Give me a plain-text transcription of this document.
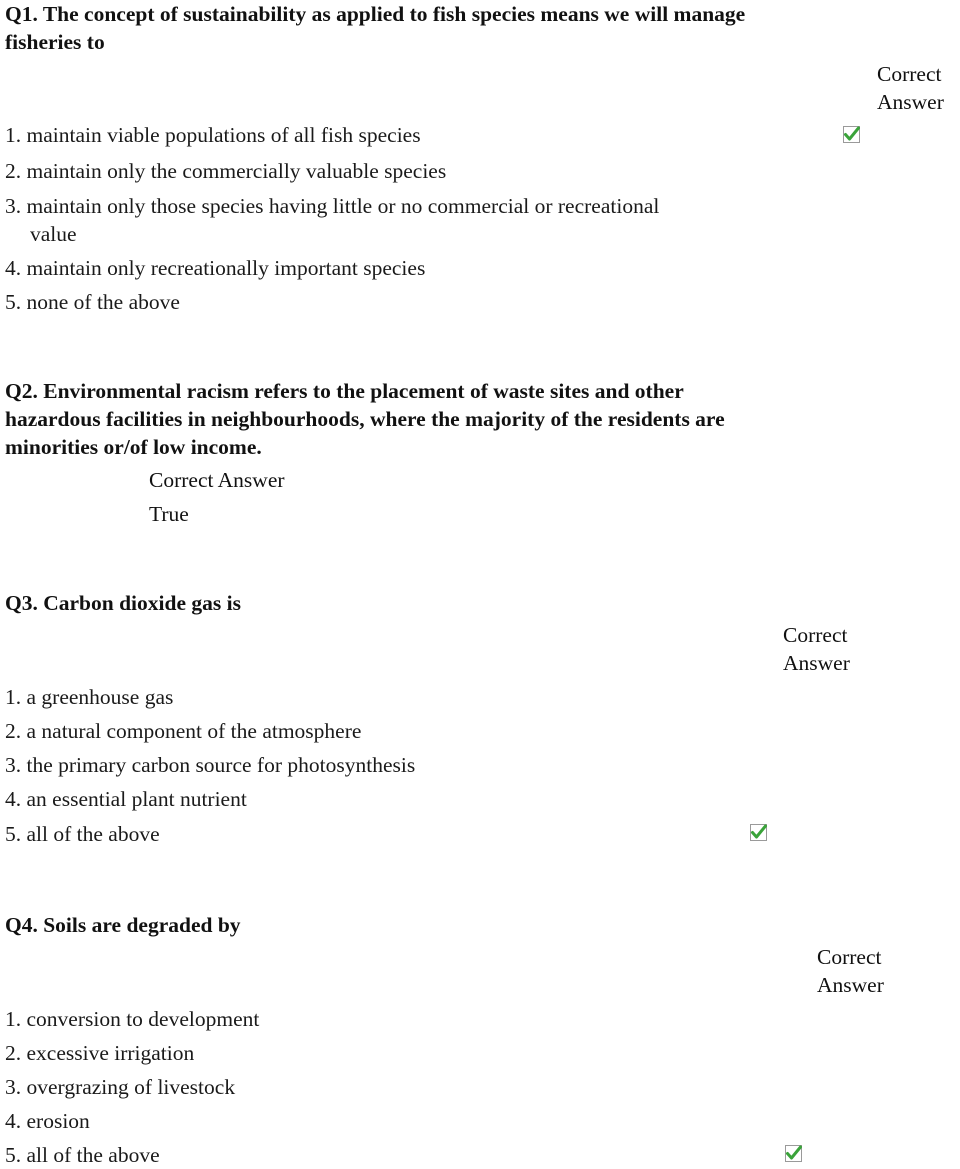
Q1. The concept of sustainability as applied to fish species means we will manage
fisheries to
Correct
Answer
1. maintain viable populations of all fish species
2. maintain only the commercially valuable species
3. maintain only those species having little or no commercial or recreational
value
4. maintain only recreationally important species
5. none of the above
Q2. Environmental racism refers to the placement of waste sites and other
hazardous facilities in neighbourhoods, where the majority of the residents are
minorities or/of low income.
Correct Answer
True
Q3. Carbon dioxide gas is
Correct
Answer
1. a greenhouse gas
2. a natural component of the atmosphere
3. the primary carbon source for photosynthesis
4. an essential plant nutrient
5. all of the above
Q4. Soils are degraded by
Correct
Answer
1. conversion to development
2. excessive irrigation
3. overgrazing of livestock
4. erosion
5. all of the above
